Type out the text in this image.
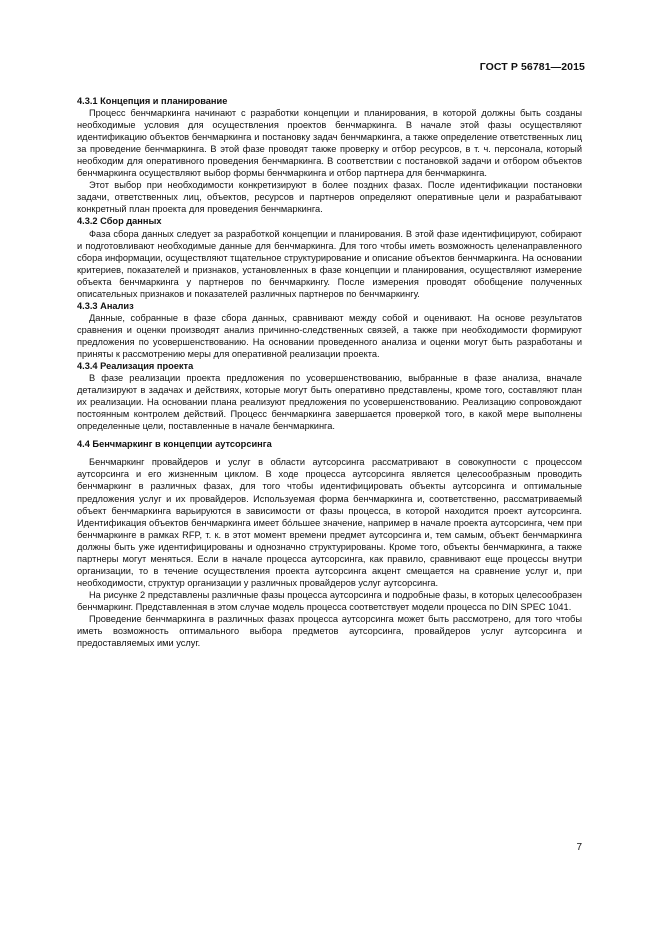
ГОСТ Р 56781—2015
4.3.1 Концепция и планирование

Процесс бенчмаркинга начинают с разработки концепции и планирования, в которой должны быть созданы необходимые условия для осуществления проектов бенчмаркинга. В начале этой фазы осуществляют идентификацию объектов бенчмаркинга и постановку задач бенчмаркинга, а также определение ответственных лиц за проведение бенчмаркинга. В этой фазе проводят также проверку и отбор ресурсов, в т. ч. персонала, который необходим для оперативного проведения бенчмаркинга. В соответствии с постановкой задачи и отбором объектов бенчмаркинга осуществляют выбор формы бенчмаркинга и отбор партнера для бенчмаркинга.

Этот выбор при необходимости конкретизируют в более поздних фазах. После идентификации постановки задачи, ответственных лиц, объектов, ресурсов и партнеров определяют оперативные цели и разрабатывают конкретный план проекта для проведения бенчмаркинга.

4.3.2 Сбор данных

Фаза сбора данных следует за разработкой концепции и планирования. В этой фазе идентифицируют, собирают и подготовливают необходимые данные для бенчмаркинга. Для того чтобы иметь возможность целенаправленного сбора информации, осуществляют тщательное структурирование и описание объектов бенчмаркинга. На основании критериев, показателей и признаков, установленных в фазе концепции и планирования, осуществляют измерение объекта бенчмаркинга у партнеров по бенчмаркингу. После измерения проводят обобщение полученных описательных признаков и показателей различных партнеров по бенчмаркингу.

4.3.3 Анализ

Данные, собранные в фазе сбора данных, сравнивают между собой и оценивают. На основе результатов сравнения и оценки производят анализ причинно-следственных связей, а также при необходимости формируют предложения по усовершенствованию. На основании проведенного анализа и оценки могут быть разработаны и приняты к рассмотрению меры для оперативной реализации проекта.

4.3.4 Реализация проекта

В фазе реализации проекта предложения по усовершенствованию, выбранные в фазе анализа, вначале детализируют в задачах и действиях, которые могут быть оперативно представлены, кроме того, составляют план их реализации. На основании плана реализуют предложения по усовершенствованию. Реализацию сопровождают постоянным контролем действий. Процесс бенчмаркинга завершается проверкой того, в какой мере выполнены определенные цели, поставленные в начале бенчмаркинга.

4.4 Бенчмаркинг в концепции аутсорсинга

Бенчмаркинг провайдеров и услуг в области аутсорсинга рассматривают в совокупности с процессом аутсорсинга и его жизненным циклом. В ходе процесса аутсорсинга является целесообразным проводить бенчмаркинг в различных фазах, для того чтобы идентифицировать объекты аутсорсинга и оптимальные предложения услуг и их провайдеров. Используемая форма бенчмаркинга и, соответственно, рассматриваемый объект бенчмаркинга варьируются в зависимости от фазы процесса, в которой находится проект аутсорсинга. Идентификация объектов бенчмаркинга имеет бо́льшее значение, например в начале проекта аутсорсинга, чем при бенчмаркинге в рамках RFP, т. к. в этот момент времени предмет аутсорсинга и, тем самым, объект бенчмаркинга должны быть уже идентифицированы и однозначно структурированы. Кроме того, объекты бенчмаркинга, а также партнеры могут меняться. Если в начале процесса аутсорсинга, как правило, сравнивают еще процессы внутри организации, то в течение осуществления проекта аутсорсинга акцент смещается на сравнение услуг и, при необходимости, структур организации у различных провайдеров услуг аутсорсинга.

На рисунке 2 представлены различные фазы процесса аутсорсинга и подробные фазы, в которых целесообразен бенчмаркинг. Представленная в этом случае модель процесса соответствует модели процесса по DIN SPEC 1041.

Проведение бенчмаркинга в различных фазах процесса аутсорсинга может быть рассмотрено, для того чтобы иметь возможность оптимального выбора предметов аутсорсинга, провайдеров услуг аутсорсинга и предоставляемых ими услуг.

7
